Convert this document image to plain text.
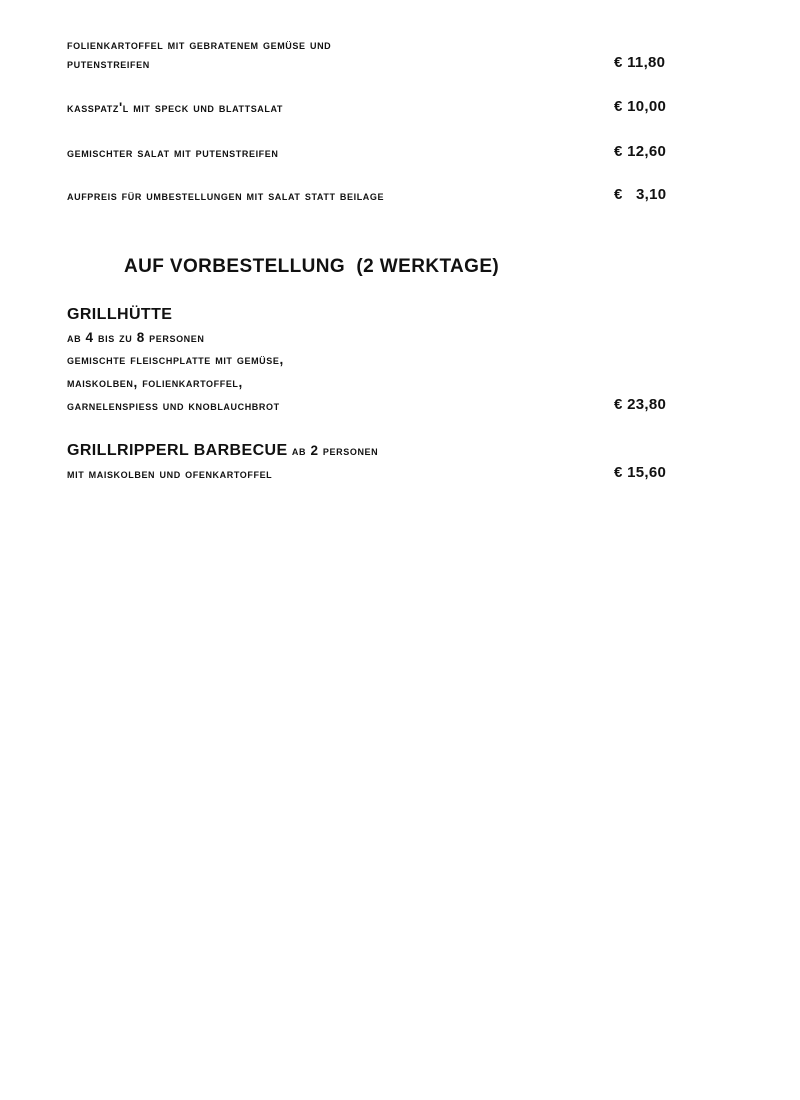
folienkartoffel mit gebratenem gemüse und
putenstreifen	€ 11,80
kasspatz'l mit speck und blattsalat	€ 10,00
gemischter salat mit putenstreifen	€ 12,60
aufpreis für umbestellungen mit salat statt beilage	€   3,10
AUF VORBESTELLUNG  (2 WERKTAGE)
GRILLHÜTTE
ab 4 bis zu 8 personen
gemischte fleischplatte mit gemüse,
maiskolben, folienkartoffel,
garnelenspiess und knoblauchbrot	€ 23,80
GRILLRIPPERL BARBECUE ab 2 personen
mit maiskolben und ofenkartoffel	€ 15,60
